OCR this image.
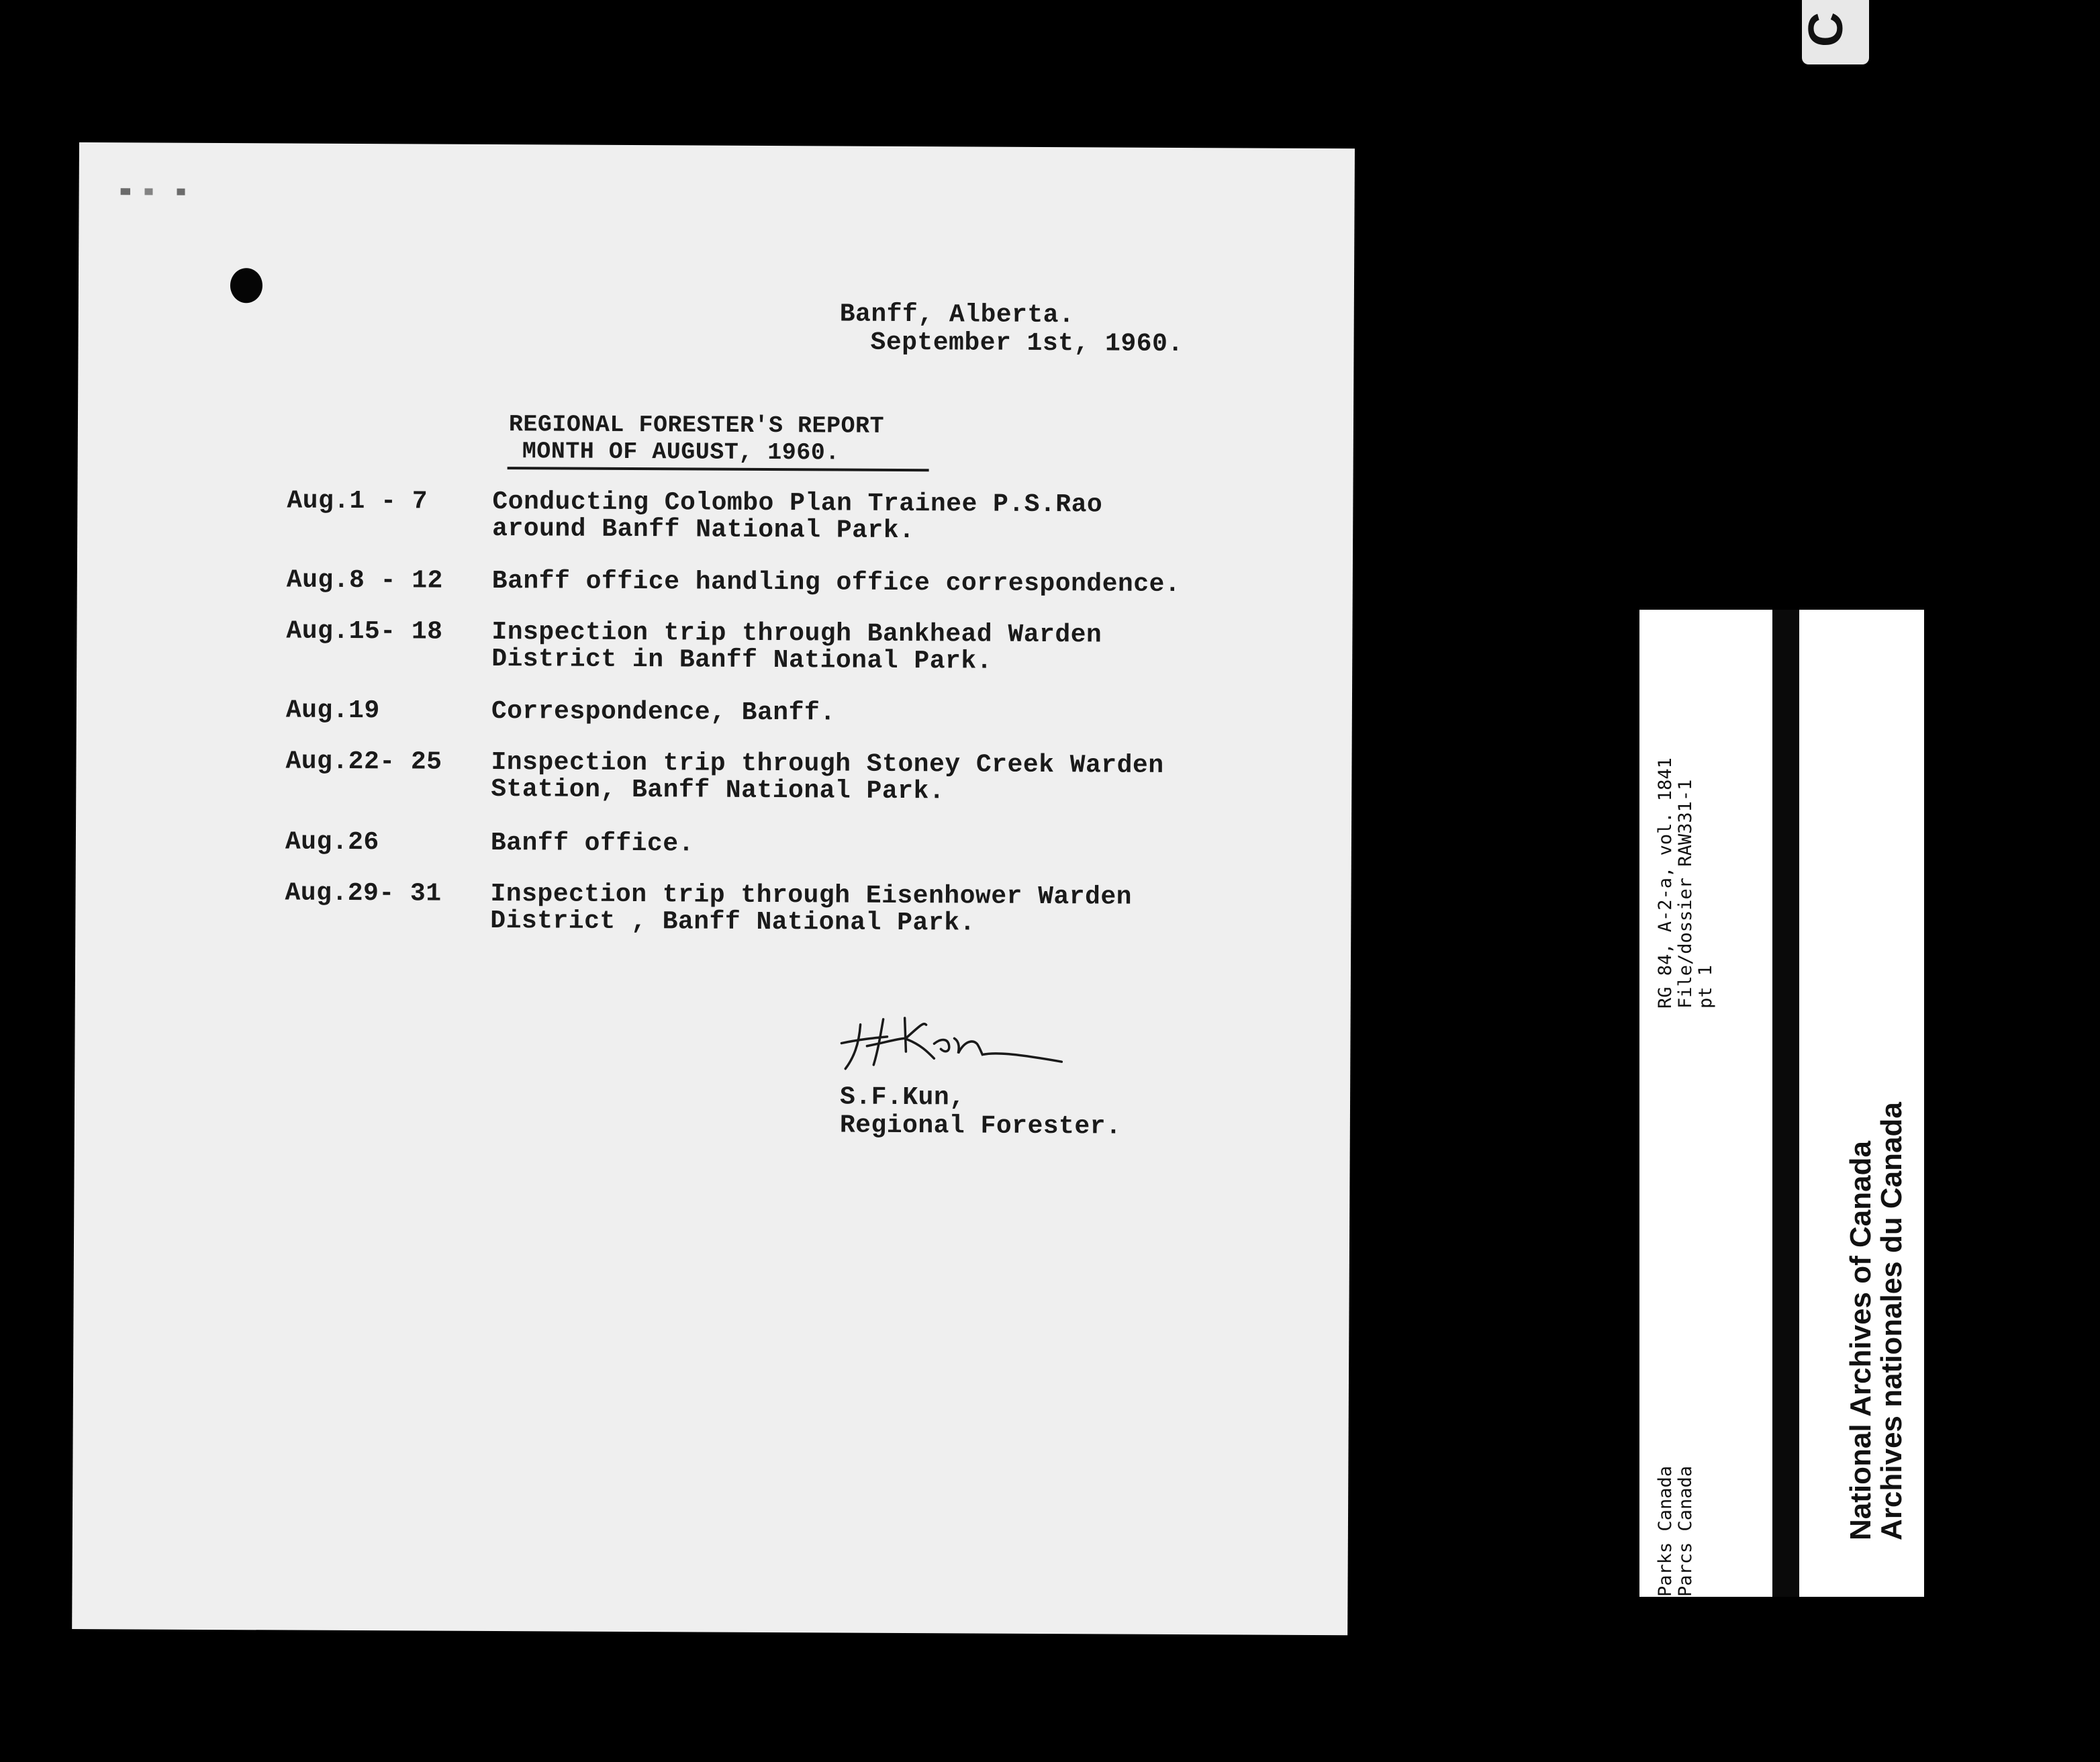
Banff, Alberta.
September 1st, 1960.
REGIONAL FORESTER'S REPORT
MONTH OF AUGUST, 1960.
Aug.1 - 7	Conducting Colombo Plan Trainee P.S.Rao
around Banff National Park.
Aug.8 - 12 Banff office handling office correspondence.
Aug.15- 18 Inspection trip through Bankhead Warden
District in Banff National Park.
Aug.19	Correspondence, Banff.
Aug.22- 25 Inspection trip through Stoney Creek Warden
Station, Banff National Park.
Aug.26	Banff office.
Aug.29- 31 Inspection trip through Eisenhower Warden
District , Banff National Park.
S.F.Kun,
Regional Forester.
C
RG 84, A-2-a, vol. 1841 File/dossier RAW331-1 pt 1
Parks Canada Parcs Canada	National Archives of Canada
Archives nationales du Canada
